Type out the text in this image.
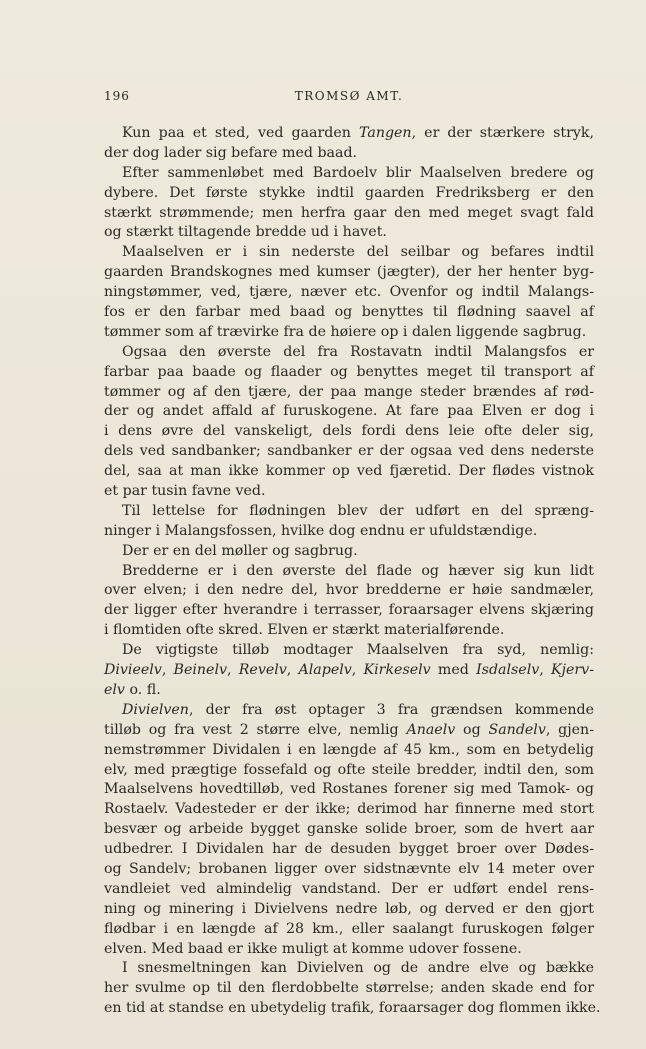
196	TROMSØ AMT.
Kun paa et sted, ved gaarden Tangen, er der stærkere stryk,
der dog lader sig befare med baad.
Efter sammenløbet med Bardoelv blir Maalselven bredere og
dybere. Det første stykke indtil gaarden Fredriksberg er den
stærkt strømmende; men herfra gaar den med meget svagt fald
og stærkt tiltagende bredde ud i havet.
Maalselven er i sin nederste del seilbar og befares indtil
gaarden Brandskognes med kumser (jægter), der her henter byg-
ningstømmer, ved, tjære, næver etc. Ovenfor og indtil Malangs-
fos er den farbar med baad og benyttes til flødning saavel af
tømmer som af trævirke fra de høiere op i dalen liggende sagbrug.
Ogsaa den øverste del fra Rostavatn indtil Malangsfos er
farbar paa baade og flaader og benyttes meget til transport af
tømmer og af den tjære, der paa mange steder brændes af rød-
der og andet affald af furuskogene. At fare paa Elven er dog i
i dens øvre del vanskeligt, dels fordi dens leie ofte deler sig,
dels ved sandbanker; sandbanker er der ogsaa ved dens nederste
del, saa at man ikke kommer op ved fjæretid. Der flødes vistnok
et par tusin favne ved.
Til lettelse for flødningen blev der udført en del spræng-
ninger i Malangsfossen, hvilke dog endnu er ufuldstændige.
Der er en del møller og sagbrug.
Bredderne er i den øverste del flade og hæver sig kun lidt
over elven; i den nedre del, hvor bredderne er høie sandmæler,
der ligger efter hverandre i terrasser, foraarsager elvens skjæring
i flomtiden ofte skred. Elven er stærkt materialførende.
De vigtigste tilløb modtager Maalselven fra syd, nemlig:
Divieelv, Beinelv, Revelv, Alapelv, Kirkeselv med Isdalselv, Kjerv-
elv o. fl.
Divielven, der fra øst optager 3 fra grændsen kommende
tilløb og fra vest 2 større elve, nemlig Anaelv og Sandelv, gjen-
nemstrømmer Dividalen i en længde af 45 km., som en betydelig
elv, med prægtige fossefald og ofte steile bredder, indtil den, som
Maalselvens hovedtilløb, ved Rostanes forener sig med Tamok- og
Rostaelv. Vadesteder er der ikke; derimod har finnerne med stort
besvær og arbeide bygget ganske solide broer, som de hvert aar
udbedrer. I Dividalen har de desuden bygget broer over Dødes-
og Sandelv; brobanen ligger over sidstnævnte elv 14 meter over
vandleiet ved almindelig vandstand. Der er udført endel rens-
ning og minering i Divielvens nedre løb, og derved er den gjort
flødbar i en længde af 28 km., eller saalangt furuskogen følger
elven. Med baad er ikke muligt at komme udover fossene.
I snesmeltningen kan Divielven og de andre elve og bække
her svulme op til den flerdobbelte størrelse; anden skade end for
en tid at standse en ubetydelig trafik, foraarsager dog flommen ikke.
